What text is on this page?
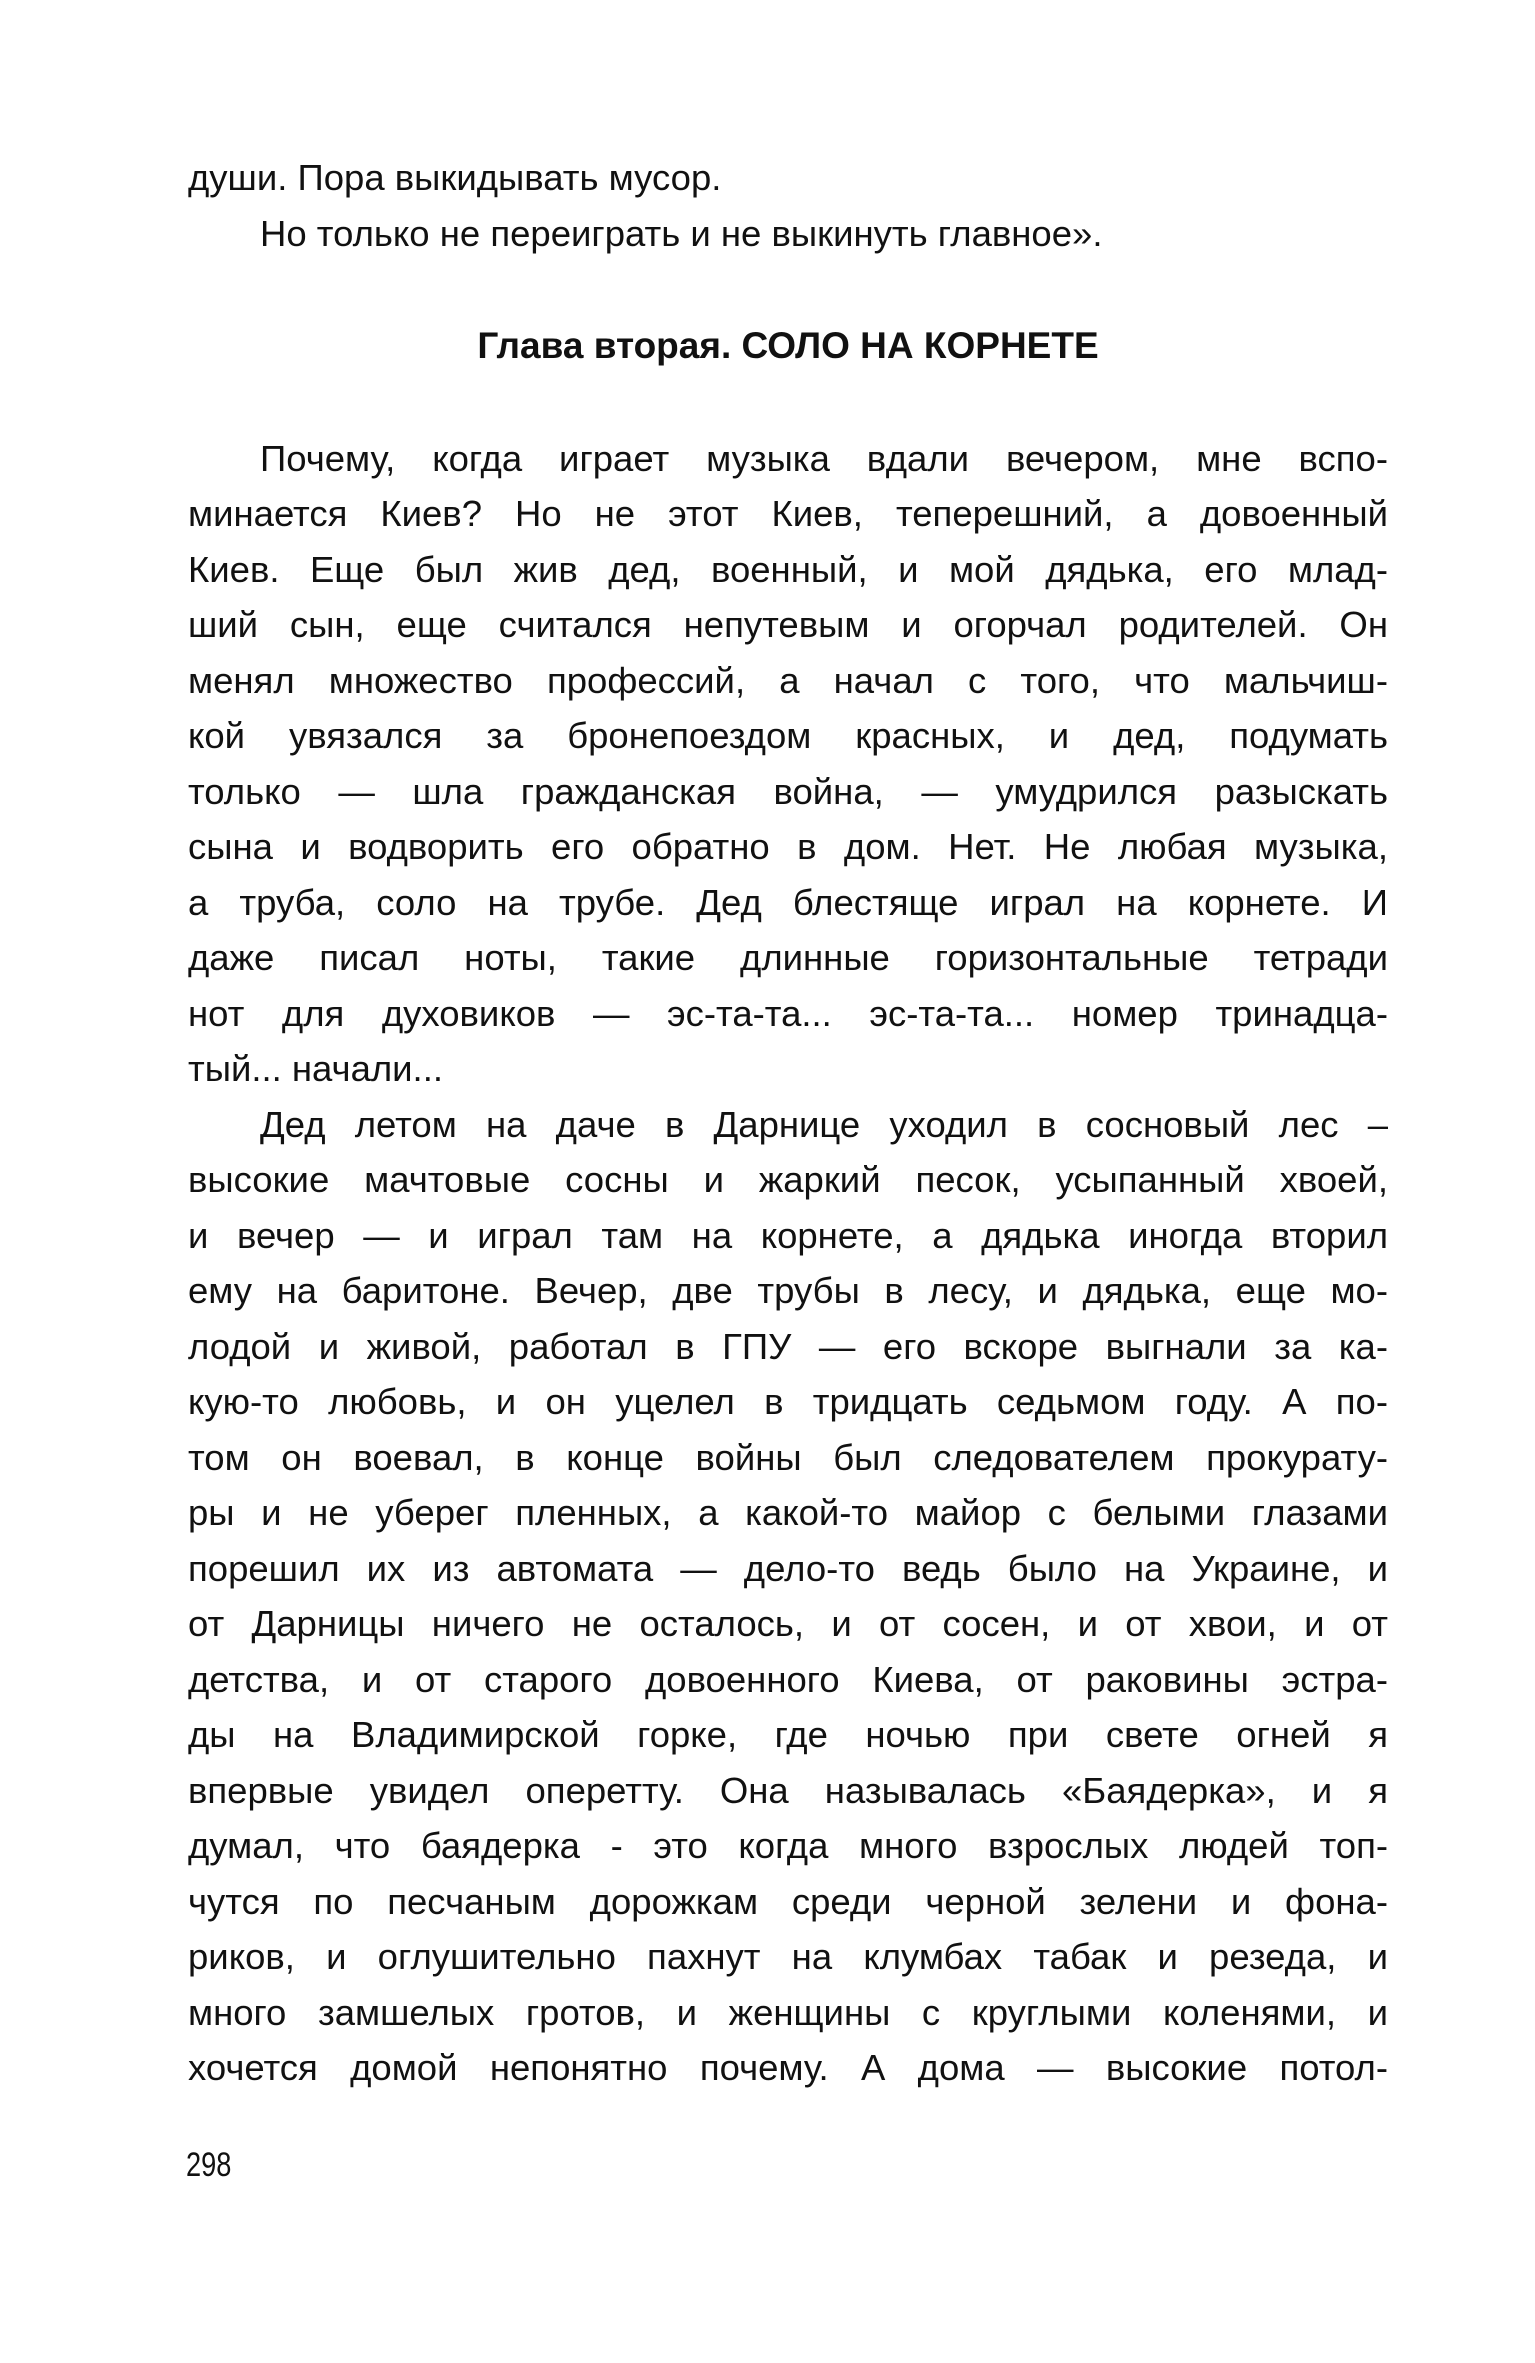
души. Пора выкидывать мусор.
Но только не переиграть и не выкинуть главное».
Глава вторая. СОЛО НА КОРНЕТЕ
Почему, когда играет музыка вдали вечером, мне вспо-
минается Киев? Но не этот Киев, теперешний, а довоенный
Киев. Еще был жив дед, военный, и мой дядька, его млад-
ший сын, еще считался непутевым и огорчал родителей. Он
менял множество профессий, а начал с того, что мальчиш-
кой увязался за бронепоездом красных, и дед, подумать
только — шла гражданская война, — умудрился разыскать
сына и водворить его обратно в дом. Нет. Не любая музыка,
а труба, соло на трубе. Дед блестяще играл на корнете. И
даже писал ноты, такие длинные горизонтальные тетради
нот для духовиков — эс-та-та... эс-та-та... номер тринадца-
тый... начали...
Дед летом на даче в Дарнице уходил в сосновый лес –
высокие мачтовые сосны и жаркий песок, усыпанный хвоей,
и вечер — и играл там на корнете, а дядька иногда вторил
ему на баритоне. Вечер, две трубы в лесу, и дядька, еще мо-
лодой и живой, работал в ГПУ — его вскоре выгнали за ка-
кую-то любовь, и он уцелел в тридцать седьмом году. А по-
том он воевал, в конце войны был следователем прокурату-
ры и не уберег пленных, а какой-то майор с белыми глазами
порешил их из автомата — дело-то ведь было на Украине, и
от Дарницы ничего не осталось, и от сосен, и от хвои, и от
детства, и от старого довоенного Киева, от раковины эстра-
ды на Владимирской горке, где ночью при свете огней я
впервые увидел оперетту. Она называлась «Баядерка», и я
думал, что баядерка - это когда много взрослых людей топ-
чутся по песчаным дорожкам среди черной зелени и фона-
риков, и оглушительно пахнут на клумбах табак и резеда, и
много замшелых гротов, и женщины с круглыми коленями, и
хочется домой непонятно почему. А дома — высокие потол-
298
